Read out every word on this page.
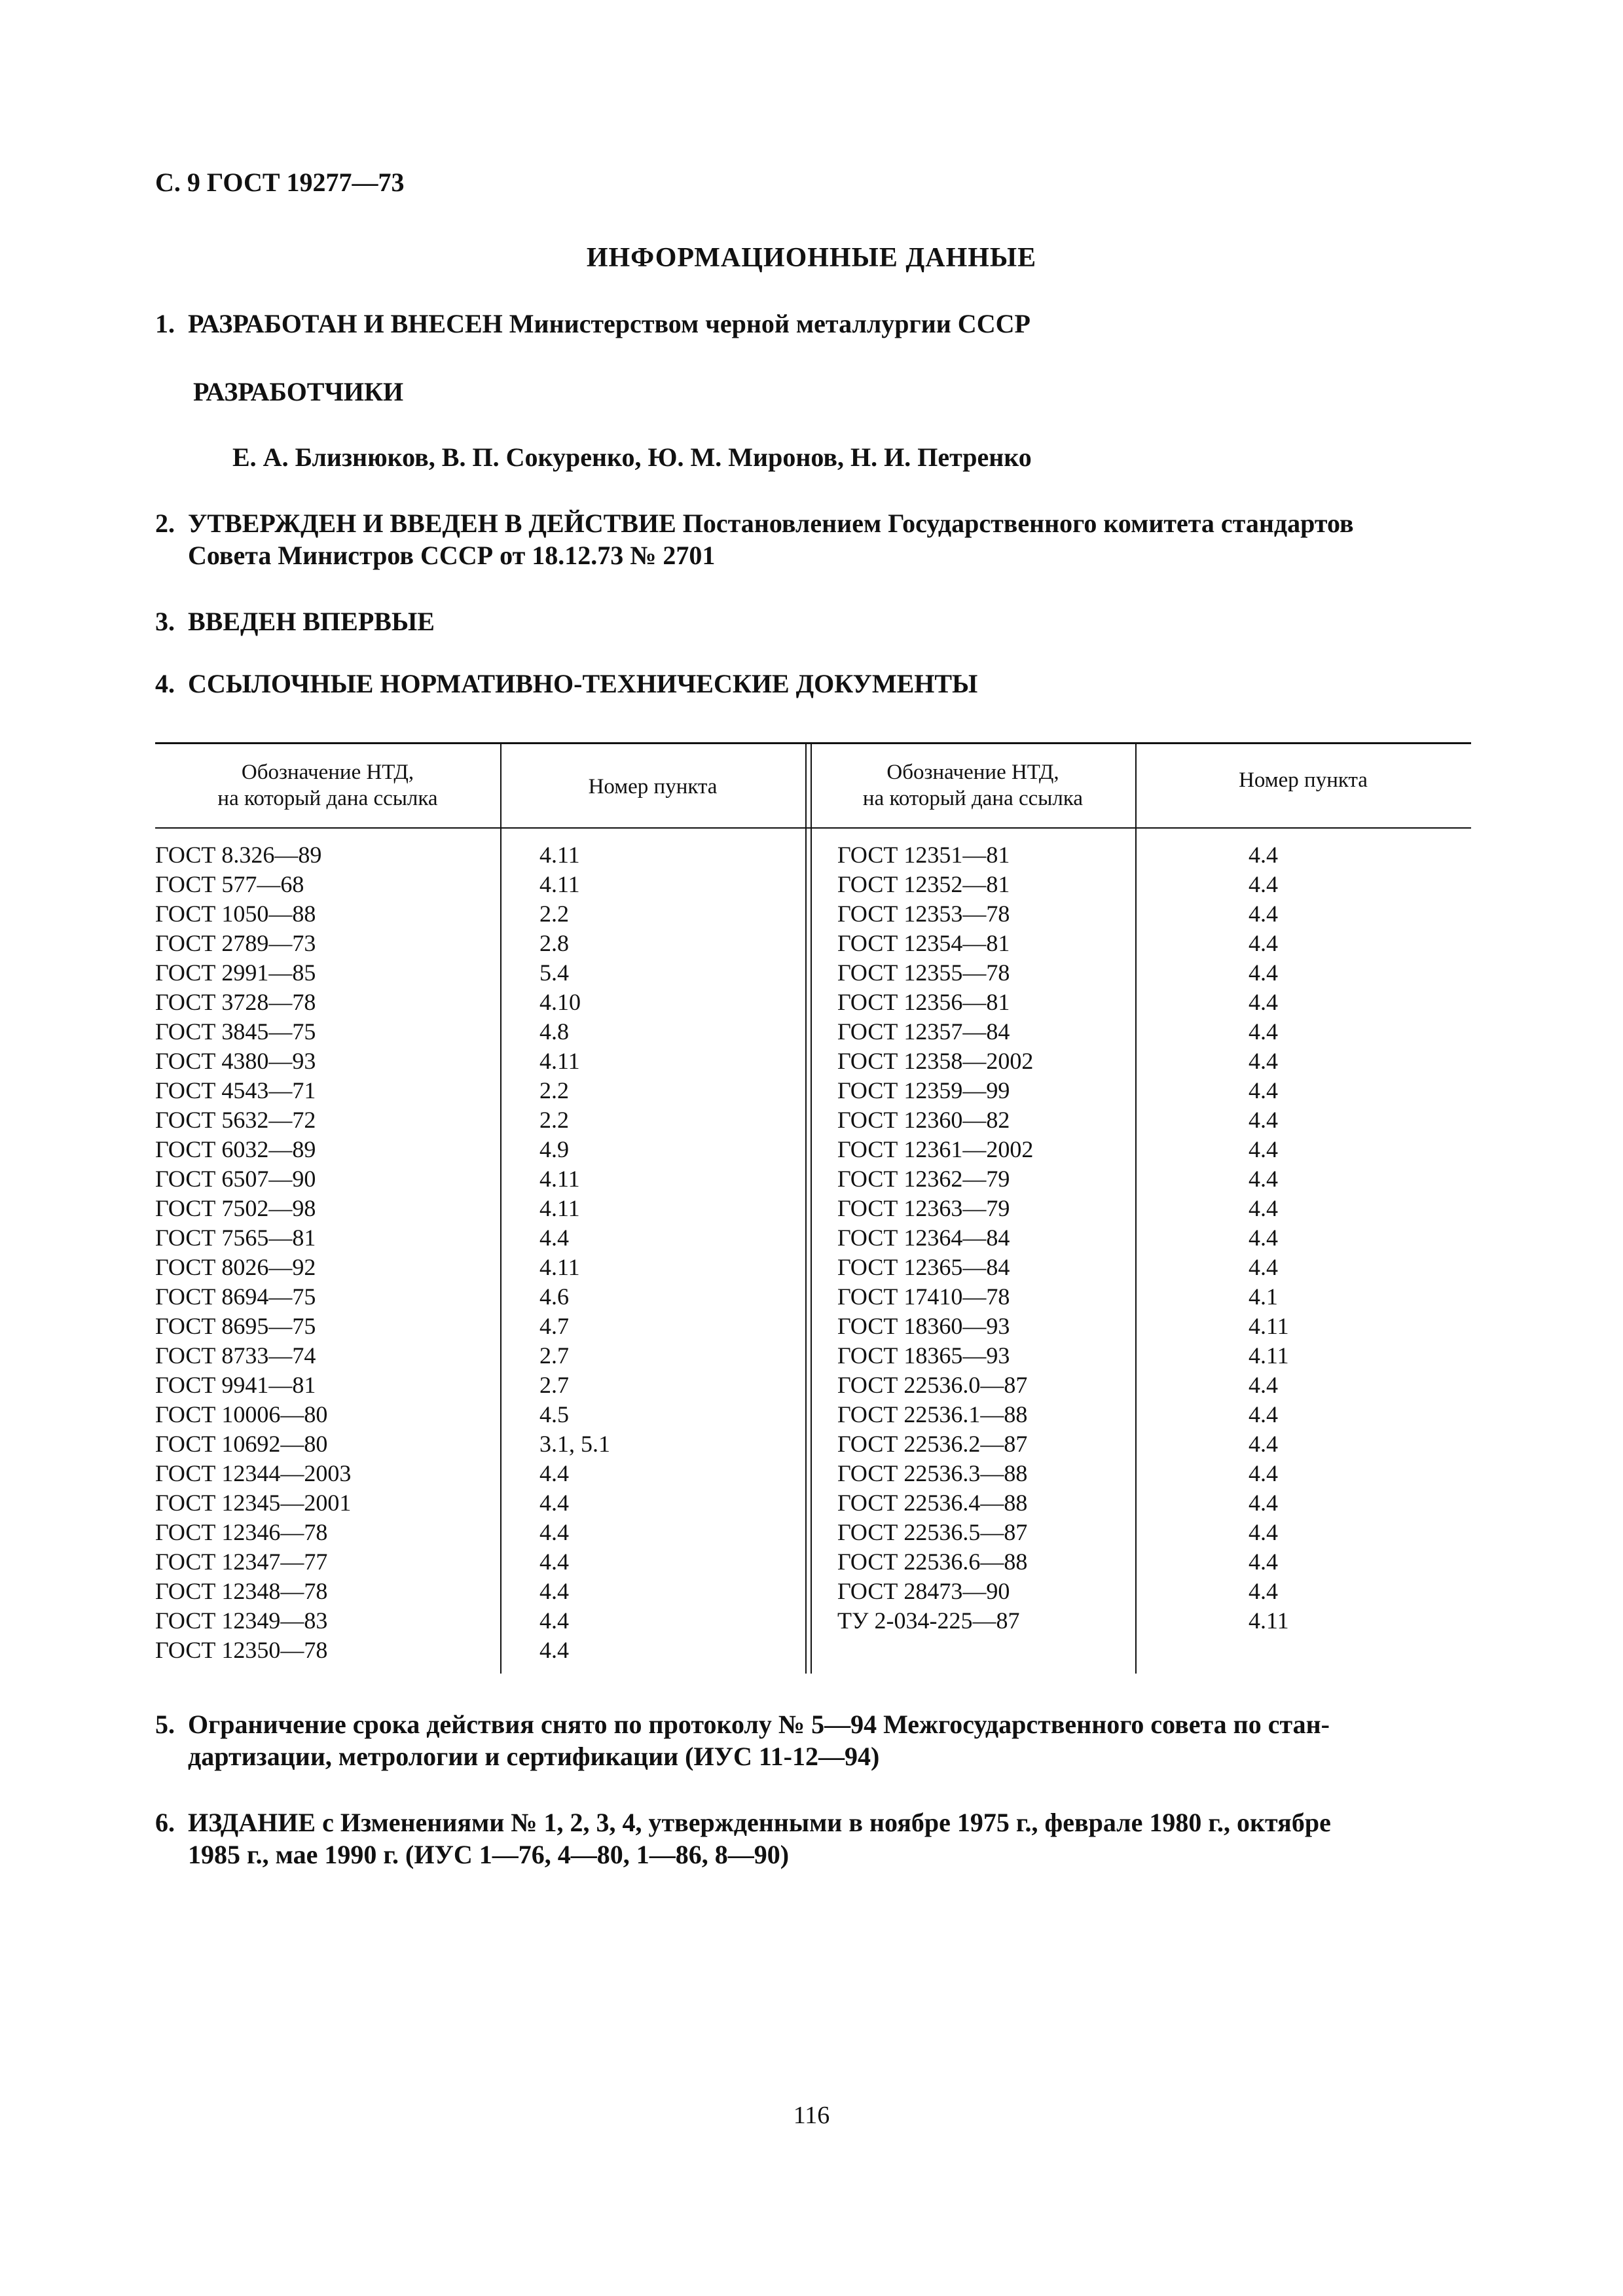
С. 9 ГОСТ 19277—73
ИНФОРМАЦИОННЫЕ ДАННЫЕ
1. РАЗРАБОТАН И ВНЕСЕН Министерством черной металлургии СССР
РАЗРАБОТЧИКИ
Е. А. Близнюков, В. П. Сокуренко, Ю. М. Миронов, Н. И. Петренко
2. УТВЕРЖДЕН И ВВЕДЕН В ДЕЙСТВИЕ Постановлением Государственного комитета стандартов
Совета Министров СССР от 18.12.73 № 2701
3. ВВЕДЕН ВПЕРВЫЕ
4. ССЫЛОЧНЫЕ НОРМАТИВНО-ТЕХНИЧЕСКИЕ ДОКУМЕНТЫ
Обозначение НТД,
на который дана ссылка	Номер пункта
Обозначение НТД,
на который дана ссылка
Номер пункта
ГОСТ 8.326—89
ГОСТ 577—68
ГОСТ 1050—88
ГОСТ 2789—73
ГОСТ 2991—85
ГОСТ 3728—78
ГОСТ 3845—75
ГОСТ 4380—93
ГОСТ 4543—71
ГОСТ 5632—72
ГОСТ 6032—89
ГОСТ 6507—90
ГОСТ 7502—98
ГОСТ 7565—81
ГОСТ 8026—92
ГОСТ 8694—75
ГОСТ 8695—75
ГОСТ 8733—74
ГОСТ 9941—81
ГОСТ 10006—80
ГОСТ 10692—80
ГОСТ 12344—2003
ГОСТ 12345—2001
ГОСТ 12346—78
ГОСТ 12347—77
ГОСТ 12348—78
ГОСТ 12349—83
ГОСТ 12350—78
4.11
4.11
2.2
2.8
5.4
4.10
4.8
4.11
2.2
2.2
4.9
4.11
4.11
4.4
4.11
4.6
4.7
2.7
2.7
4.5
3.1, 5.1
4.4
4.4
4.4
4.4
4.4
4.4
4.4
ГОСТ 12351—81
ГОСТ 12352—81
ГОСТ 12353—78
ГОСТ 12354—81
ГОСТ 12355—78
ГОСТ 12356—81
ГОСТ 12357—84
ГОСТ 12358—2002
ГОСТ 12359—99
ГОСТ 12360—82
ГОСТ 12361—2002
ГОСТ 12362—79
ГОСТ 12363—79
ГОСТ 12364—84
ГОСТ 12365—84
ГОСТ 17410—78
ГОСТ 18360—93
ГОСТ 18365—93
ГОСТ 22536.0—87
ГОСТ 22536.1—88
ГОСТ 22536.2—87
ГОСТ 22536.3—88
ГОСТ 22536.4—88
ГОСТ 22536.5—87
ГОСТ 22536.6—88
ГОСТ 28473—90
ТУ 2-034-225—87
4.4
4.4
4.4
4.4
4.4
4.4
4.4
4.4
4.4
4.4
4.4
4.4
4.4
4.4
4.4
4.1
4.11
4.11
4.4
4.4
4.4
4.4
4.4
4.4
4.4
4.4
4.11
5. Ограничение срока действия снято по протоколу № 5—94 Межгосударственного совета по стан-
дартизации, метрологии и сертификации (ИУС 11-12—94)
6. ИЗДАНИЕ с Изменениями № 1, 2, 3, 4, утвержденными в ноябре 1975 г., феврале 1980 г., октябре
1985 г., мае 1990 г. (ИУС 1—76, 4—80, 1—86, 8—90)
116
